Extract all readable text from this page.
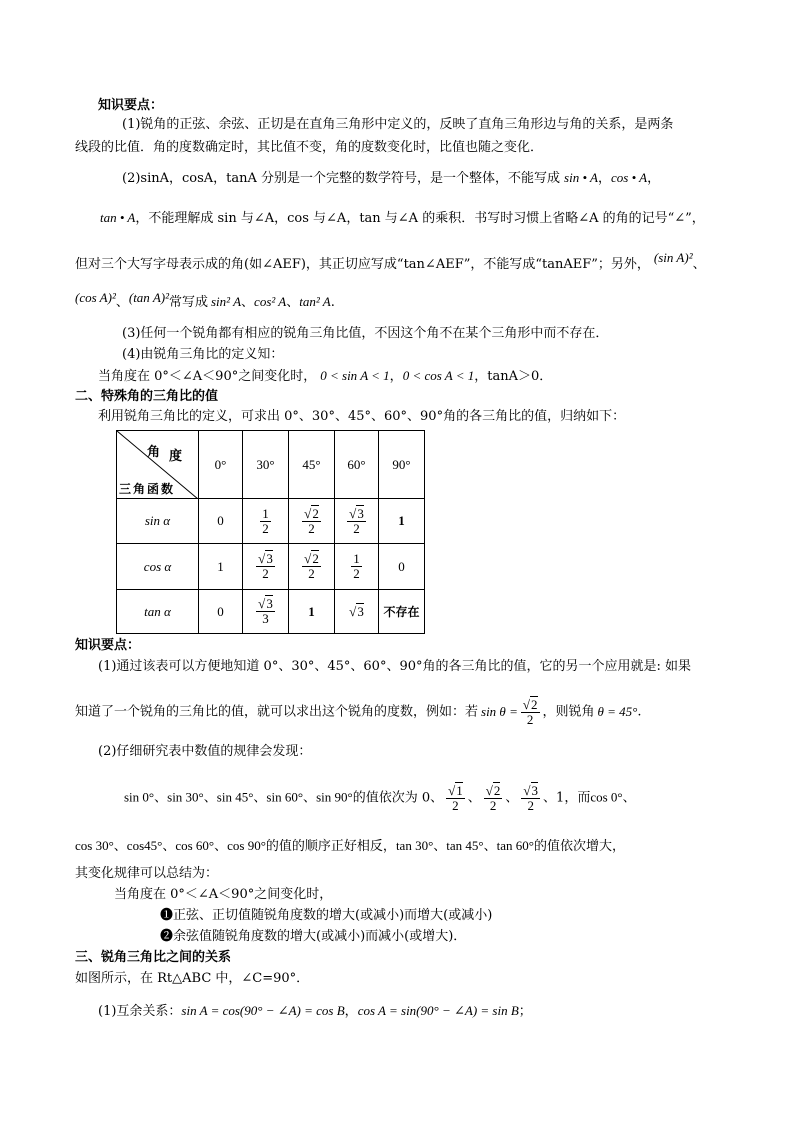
知识要点：
(1)锐角的正弦、余弦、正切是在直角三角形中定义的，反映了直角三角形边与角的关系，是两条
线段的比值．角的度数确定时，其比值不变，角的度数变化时，比值也随之变化．
(2)sinA，cosA，tanA 分别是一个完整的数学符号，是一个整体，不能写成 sin • A，cos • A，
tan • A，不能理解成 sin 与∠A，cos 与∠A，tan 与∠A 的乘积．书写时习惯上省略∠A 的角的记号“∠”，
但对三个大写字母表示成的角(如∠AEF)，其正切应写成“tan∠AEF”，不能写成“tanAEF”；另外， (sin A)²、
(cos A)²、(tan A)²常写成 sin² A、cos² A、tan² A.
(3)任何一个锐角都有相应的锐角三角比值，不因这个角不在某个三角形中而不存在．
(4)由锐角三角比的定义知：
当角度在 0°＜∠A＜90°之间变化时， 0 < sin A < 1，0 < cos A < 1，tanA＞0．
二、特殊角的三角比的值
利用锐角三角比的定义，可求出 0°、30°、45°、60°、90°角的各三角比的值，归纳如下：
角 度
三角函数	0°	30°	45°	60°	90°
sin α	0	$\frac{1}{2}$	$\frac{√2}{2}$	$\frac{√3}{2}$	1
cos α	1	$\frac{√3}{2}$	$\frac{√2}{2}$	$\frac{1}{2}$	0
tan α	0	$\frac{√3}{3}$	1	√3	不存在
知识要点：
(1)通过该表可以方便地知道 0°、30°、45°、60°、90°角的各三角比的值，它的另一个应用就是: 如果
知道了一个锐角的三角比的值，就可以求出这个锐角的度数，例如：若 $\sin \theta = \frac{√2}{2}$ ，则锐角 θ = 45°.
(2)仔细研究表中数值的规律会发现：
sin 0°、sin 30°、sin 45°、sin 60°、sin 90°的值依次为 0、 $\frac{√1}{2}$ 、 $\frac{√2}{2}$ 、 $\frac{√3}{2}$ 、1，而cos 0°、
cos 30°、cos45°、cos 60°、cos 90°的值的顺序正好相反，tan 30°、tan 45°、tan 60°的值依次增大，
其变化规律可以总结为：
当角度在 0°＜∠A＜90°之间变化时，
❶正弦、正切值随锐角度数的增大(或减小)而增大(或减小)
❷余弦值随锐角度数的增大(或减小)而减小(或增大)．
三、锐角三角比之间的关系
如图所示，在 Rt△ABC 中，∠C=90°．
(1)互余关系：sin A = cos(90° − ∠A) = cos B，cos A = sin(90° − ∠A) = sin B；
